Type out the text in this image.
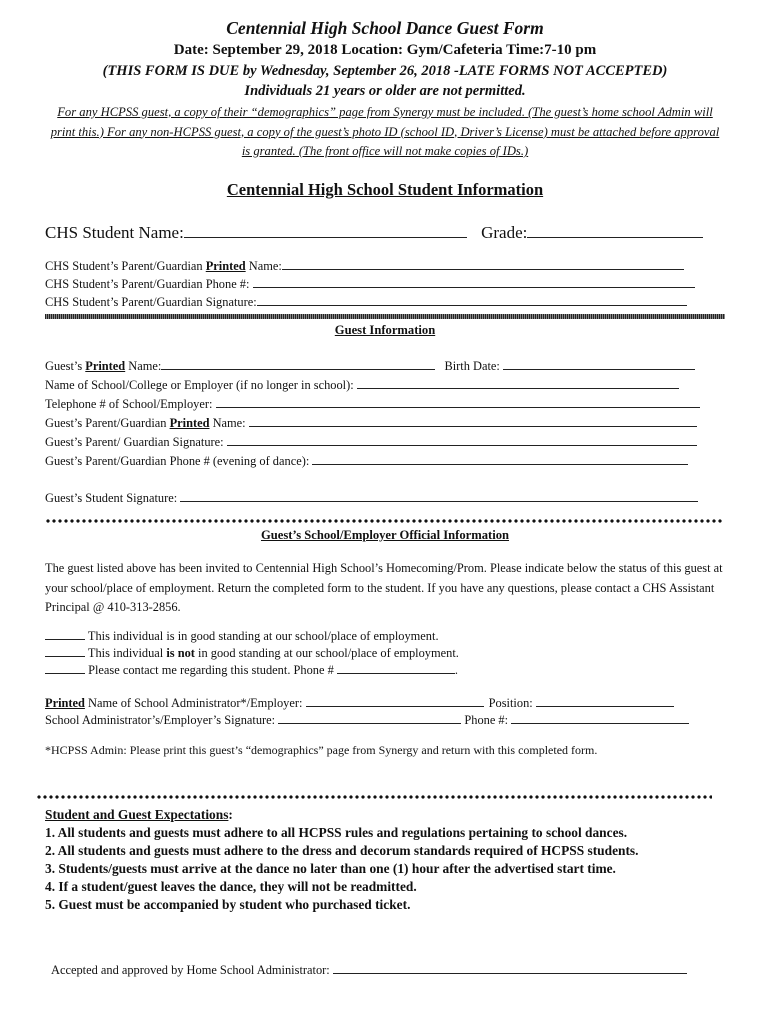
Centennial High School Dance Guest Form
Date: September 29, 2018 Location: Gym/Cafeteria Time:7-10 pm
(THIS FORM IS DUE by Wednesday, September 26, 2018 -LATE FORMS NOT ACCEPTED)
Individuals 21 years or older are not permitted.
For any HCPSS guest, a copy of their “demographics” page from Synergy must be included. (The guest’s home school Admin will print this.) For any non-HCPSS guest, a copy of the guest’s photo ID (school ID, Driver’s License) must be attached before approval is granted. (The front office will not make copies of IDs.)
Centennial High School Student Information
CHS Student Name:	Grade:
CHS Student’s Parent/Guardian Printed Name:
CHS Student’s Parent/Guardian Phone #:
CHS Student’s Parent/Guardian Signature:
Guest Information
Guest’s Printed Name:	Birth Date:
Name of School/College or Employer (if no longer in school):
Telephone # of School/Employer:
Guest’s Parent/Guardian Printed Name:
Guest’s Parent/ Guardian Signature:
Guest’s Parent/Guardian Phone # (evening of dance):
Guest’s Student Signature:
Guest’s School/Employer Official Information
The guest listed above has been invited to Centennial High School’s Homecoming/Prom. Please indicate below the status of this guest at your school/place of employment. Return the completed form to the student. If you have any questions, please contact a CHS Assistant Principal @ 410-313-2856.
This individual is in good standing at our school/place of employment.
This individual is not in good standing at our school/place of employment.
Please contact me regarding this student. Phone #	.
Printed Name of School Administrator*/Employer:	Position:
School Administrator’s/Employer’s Signature:	Phone #:
*HCPSS Admin: Please print this guest’s “demographics” page from Synergy and return with this completed form.
Student and Guest Expectations:
1. All students and guests must adhere to all HCPSS rules and regulations pertaining to school dances.
2. All students and guests must adhere to the dress and decorum standards required of HCPSS students.
3. Students/guests must arrive at the dance no later than one (1) hour after the advertised start time.
4. If a student/guest leaves the dance, they will not be readmitted.
5. Guest must be accompanied by student who purchased ticket.
Accepted and approved by Home School Administrator:
